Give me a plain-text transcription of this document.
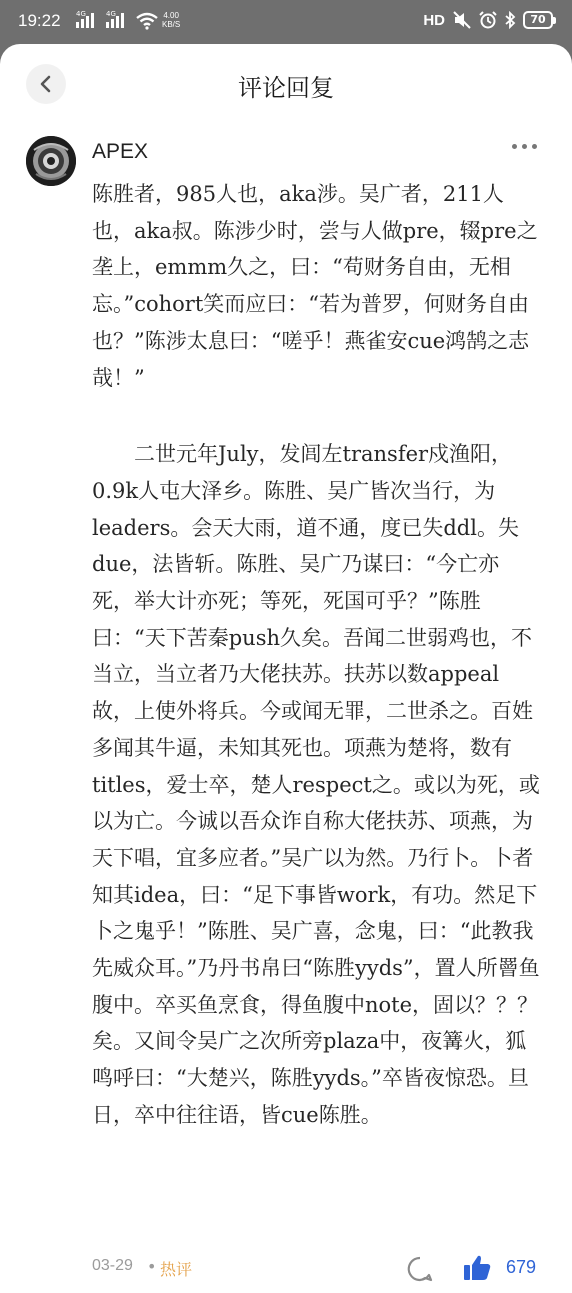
19:22 4G	4G	4.00
KB/S	HD	70
评论回复
APEX

陈胜者，985人也，aka涉。吴广者，211人也，aka叔。陈涉少时，尝与人做pre，辍pre之垄上，emmm久之，曰：“苟财务自由，无相忘。”cohort笑而应曰：“若为普罗，何财务自由也？”陈涉太息曰：“嗟乎！燕雀安cue鸿鹄之志哉！”

二世元年July，发闾左transfer戍渔阳，0.9k人屯大泽乡。陈胜、吴广皆次当行，为leaders。会天大雨，道不通，度已失ddl。失due，法皆斩。陈胜、吴广乃谋曰：“今亡亦死，举大计亦死；等死，死国可乎？”陈胜曰：“天下苦秦push久矣。吾闻二世弱鸡也，不当立，当立者乃大佬扶苏。扶苏以数appeal故，上使外将兵。今或闻无罪，二世杀之。百姓多闻其牛逼，未知其死也。项燕为楚将，数有titles，爱士卒，楚人respect之。或以为死，或以为亡。今诚以吾众诈自称大佬扶苏、项燕，为天下唱，宜多应者。”吴广以为然。乃行卜。卜者知其idea，曰：“足下事皆work，有功。然足下卜之鬼乎！”陈胜、吴广喜，念鬼，曰：“此教我先威众耳。”乃丹书帛曰“陈胜yyds”，置人所罾鱼腹中。卒买鱼烹食，得鱼腹中note，固以？？？矣。又间令吴广之次所旁plaza中，夜篝火，狐鸣呼曰：“大楚兴，陈胜yyds。”卒皆夜惊恐。旦日，卒中往往语，皆cue陈胜。

03-29 • 热评	679
